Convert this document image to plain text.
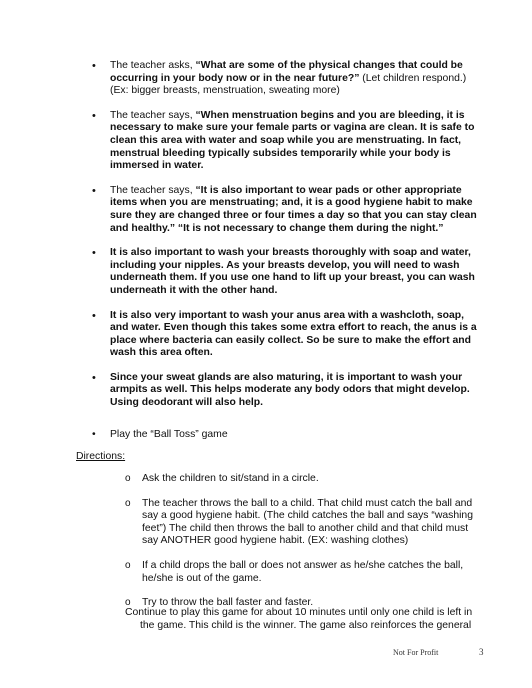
• The teacher asks, “What are some of the physical changes that could be occurring in your body now or in the near future?” (Let children respond.) (Ex: bigger breasts, menstruation, sweating more)
• The teacher says, “When menstruation begins and you are bleeding, it is necessary to make sure your female parts or vagina are clean. It is safe to clean this area with water and soap while you are menstruating. In fact, menstrual bleeding typically subsides temporarily while your body is immersed in water.
• The teacher says, “It is also important to wear pads or other appropriate items when you are menstruating; and, it is a good hygiene habit to make sure they are changed three or four times a day so that you can stay clean and healthy.” “It is not necessary to change them during the night.”
• It is also important to wash your breasts thoroughly with soap and water, including your nipples. As your breasts develop, you will need to wash underneath them. If you use one hand to lift up your breast, you can wash underneath it with the other hand.
• It is also very important to wash your anus area with a washcloth, soap, and water. Even though this takes some extra effort to reach, the anus is a place where bacteria can easily collect. So be sure to make the effort and wash this area often.
• Since your sweat glands are also maturing, it is important to wash your armpits as well. This helps moderate any body odors that might develop. Using deodorant will also help.
• Play the “Ball Toss” game
Directions:
o Ask the children to sit/stand in a circle.
o The teacher throws the ball to a child. That child must catch the ball and say a good hygiene habit. (The child catches the ball and says “washing feet”) The child then throws the ball to another child and that child must say ANOTHER good hygiene habit. (EX: washing clothes)
o If a child drops the ball or does not answer as he/she catches the ball, he/she is out of the game.
o Try to throw the ball faster and faster.
Continue to play this game for about 10 minutes until only one child is left in
the game. This child is the winner. The game also reinforces the general
Not For Profit	3
